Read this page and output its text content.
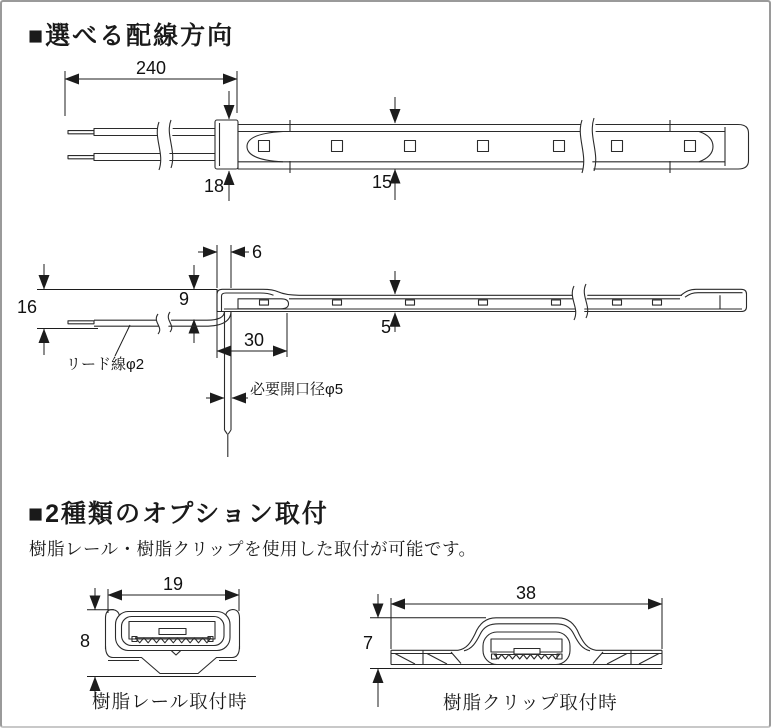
■選べる配線方向
■2種類のオプション取付
樹脂レール・樹脂クリップを使用した取付が可能です。
樹脂レール取付時	樹脂クリップ取付時
240
18	15
6
9
16
30
必要開口径φ5
5
リード線φ2
19
8
38
7
